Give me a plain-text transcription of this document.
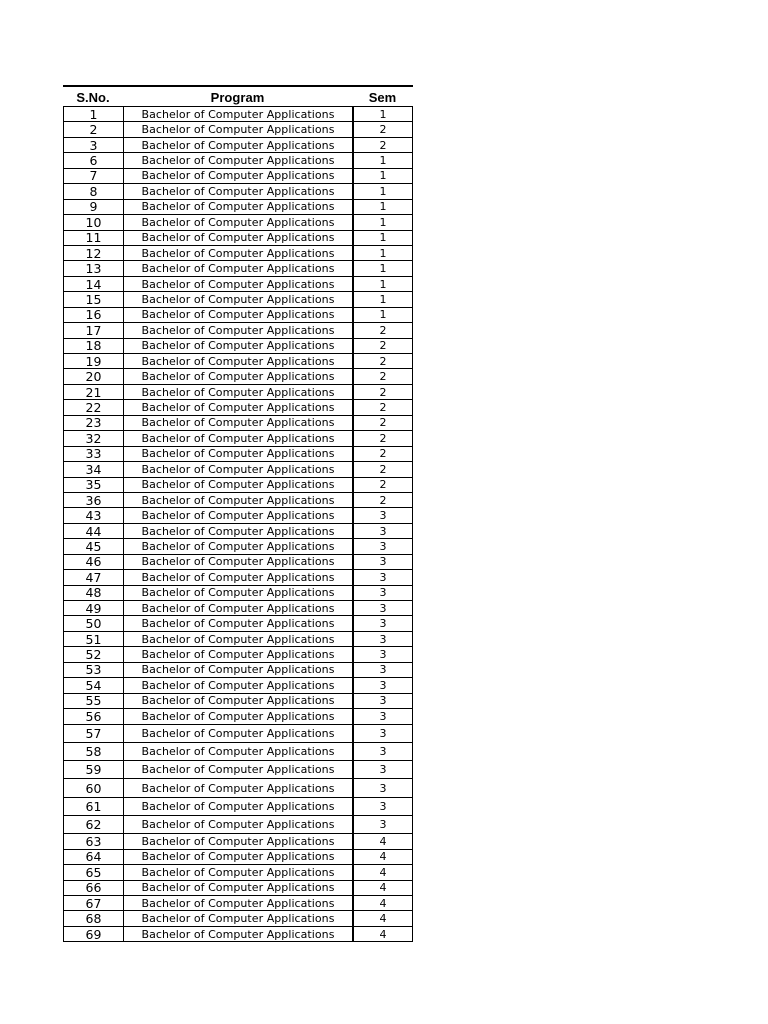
S.No.	Program	Sem
1	Bachelor of Computer Applications	1
2	Bachelor of Computer Applications	2
3	Bachelor of Computer Applications	2
6	Bachelor of Computer Applications	1
7	Bachelor of Computer Applications	1
8	Bachelor of Computer Applications	1
9	Bachelor of Computer Applications	1
10	Bachelor of Computer Applications	1
11	Bachelor of Computer Applications	1
12	Bachelor of Computer Applications	1
13	Bachelor of Computer Applications	1
14	Bachelor of Computer Applications	1
15	Bachelor of Computer Applications	1
16	Bachelor of Computer Applications	1
17	Bachelor of Computer Applications	2
18	Bachelor of Computer Applications	2
19	Bachelor of Computer Applications	2
20	Bachelor of Computer Applications	2
21	Bachelor of Computer Applications	2
22	Bachelor of Computer Applications	2
23	Bachelor of Computer Applications	2
32	Bachelor of Computer Applications	2
33	Bachelor of Computer Applications	2
34	Bachelor of Computer Applications	2
35	Bachelor of Computer Applications	2
36	Bachelor of Computer Applications	2
43	Bachelor of Computer Applications	3
44	Bachelor of Computer Applications	3
45	Bachelor of Computer Applications	3
46	Bachelor of Computer Applications	3
47	Bachelor of Computer Applications	3
48	Bachelor of Computer Applications	3
49	Bachelor of Computer Applications	3
50	Bachelor of Computer Applications	3
51	Bachelor of Computer Applications	3
52	Bachelor of Computer Applications	3
53	Bachelor of Computer Applications	3
54	Bachelor of Computer Applications	3
55	Bachelor of Computer Applications	3
56	Bachelor of Computer Applications	3
57	Bachelor of Computer Applications	3
58	Bachelor of Computer Applications	3
59	Bachelor of Computer Applications	3
60	Bachelor of Computer Applications	3
61	Bachelor of Computer Applications	3
62	Bachelor of Computer Applications	3
63	Bachelor of Computer Applications	4
64	Bachelor of Computer Applications	4
65	Bachelor of Computer Applications	4
66	Bachelor of Computer Applications	4
67	Bachelor of Computer Applications	4
68	Bachelor of Computer Applications	4
69	Bachelor of Computer Applications	4
